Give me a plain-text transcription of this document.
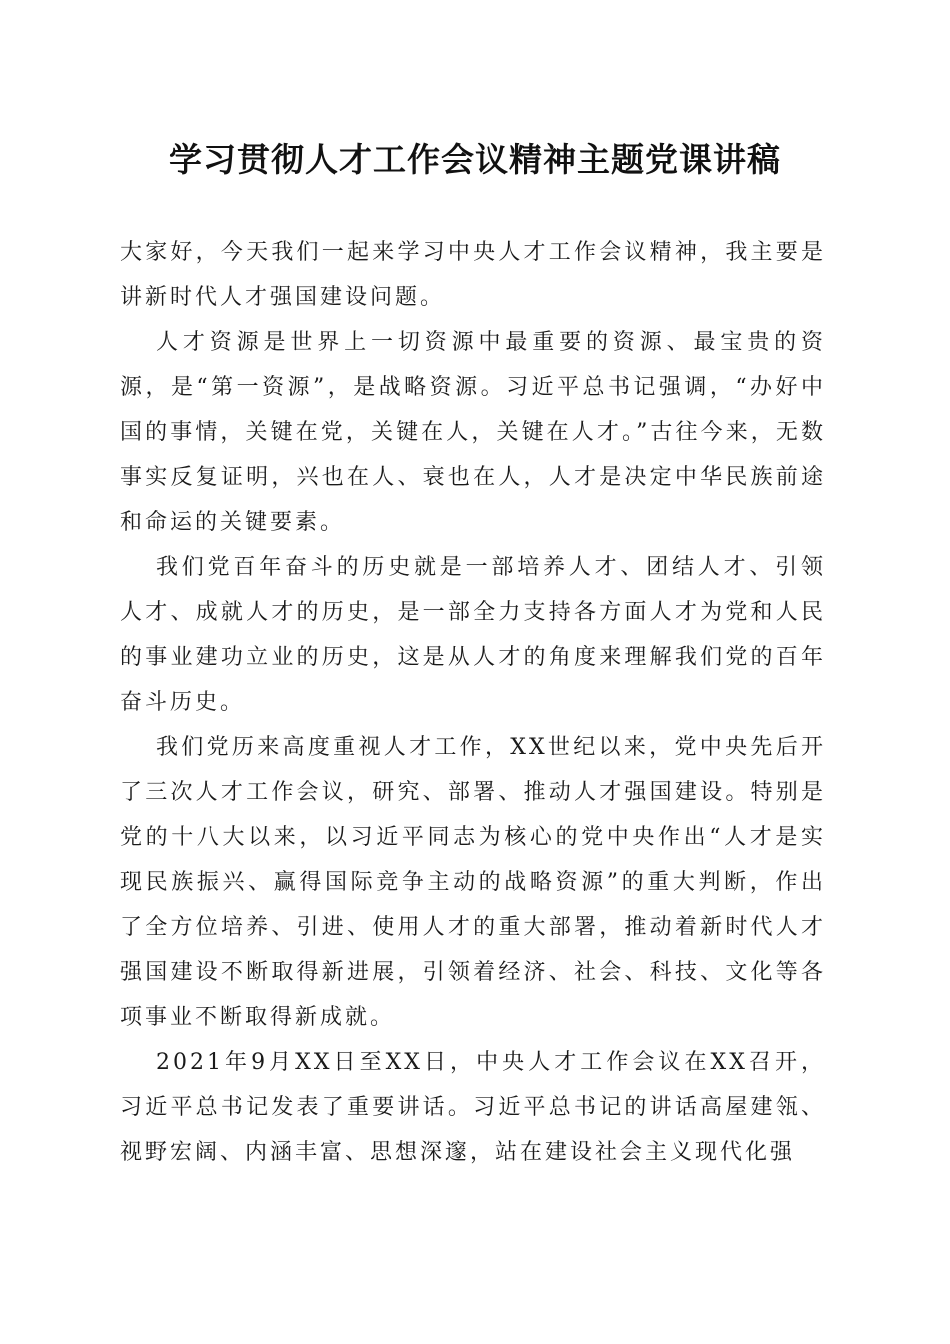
学习贯彻人才工作会议精神主题党课讲稿

大家好，今天我们一起来学习中央人才工作会议精神，我主要是讲新时代人才强国建设问题。

人才资源是世界上一切资源中最重要的资源、最宝贵的资源，是“第一资源”，是战略资源。习近平总书记强调，“办好中国的事情，关键在党，关键在人，关键在人才。”古往今来，无数事实反复证明，兴也在人、衰也在人，人才是决定中华民族前途和命运的关键要素。

我们党百年奋斗的历史就是一部培养人才、团结人才、引领人才、成就人才的历史，是一部全力支持各方面人才为党和人民的事业建功立业的历史，这是从人才的角度来理解我们党的百年奋斗历史。

我们党历来高度重视人才工作，XX世纪以来，党中央先后开了三次人才工作会议，研究、部署、推动人才强国建设。特别是党的十八大以来，以习近平同志为核心的党中央作出“人才是实现民族振兴、赢得国际竞争主动的战略资源”的重大判断，作出了全方位培养、引进、使用人才的重大部署，推动着新时代人才强国建设不断取得新进展，引领着经济、社会、科技、文化等各项事业不断取得新成就。

2021年9月XX日至XX日，中央人才工作会议在XX召开，习近平总书记发表了重要讲话。习近平总书记的讲话高屋建瓴、视野宏阔、内涵丰富、思想深邃，站在建设社会主义现代化强
